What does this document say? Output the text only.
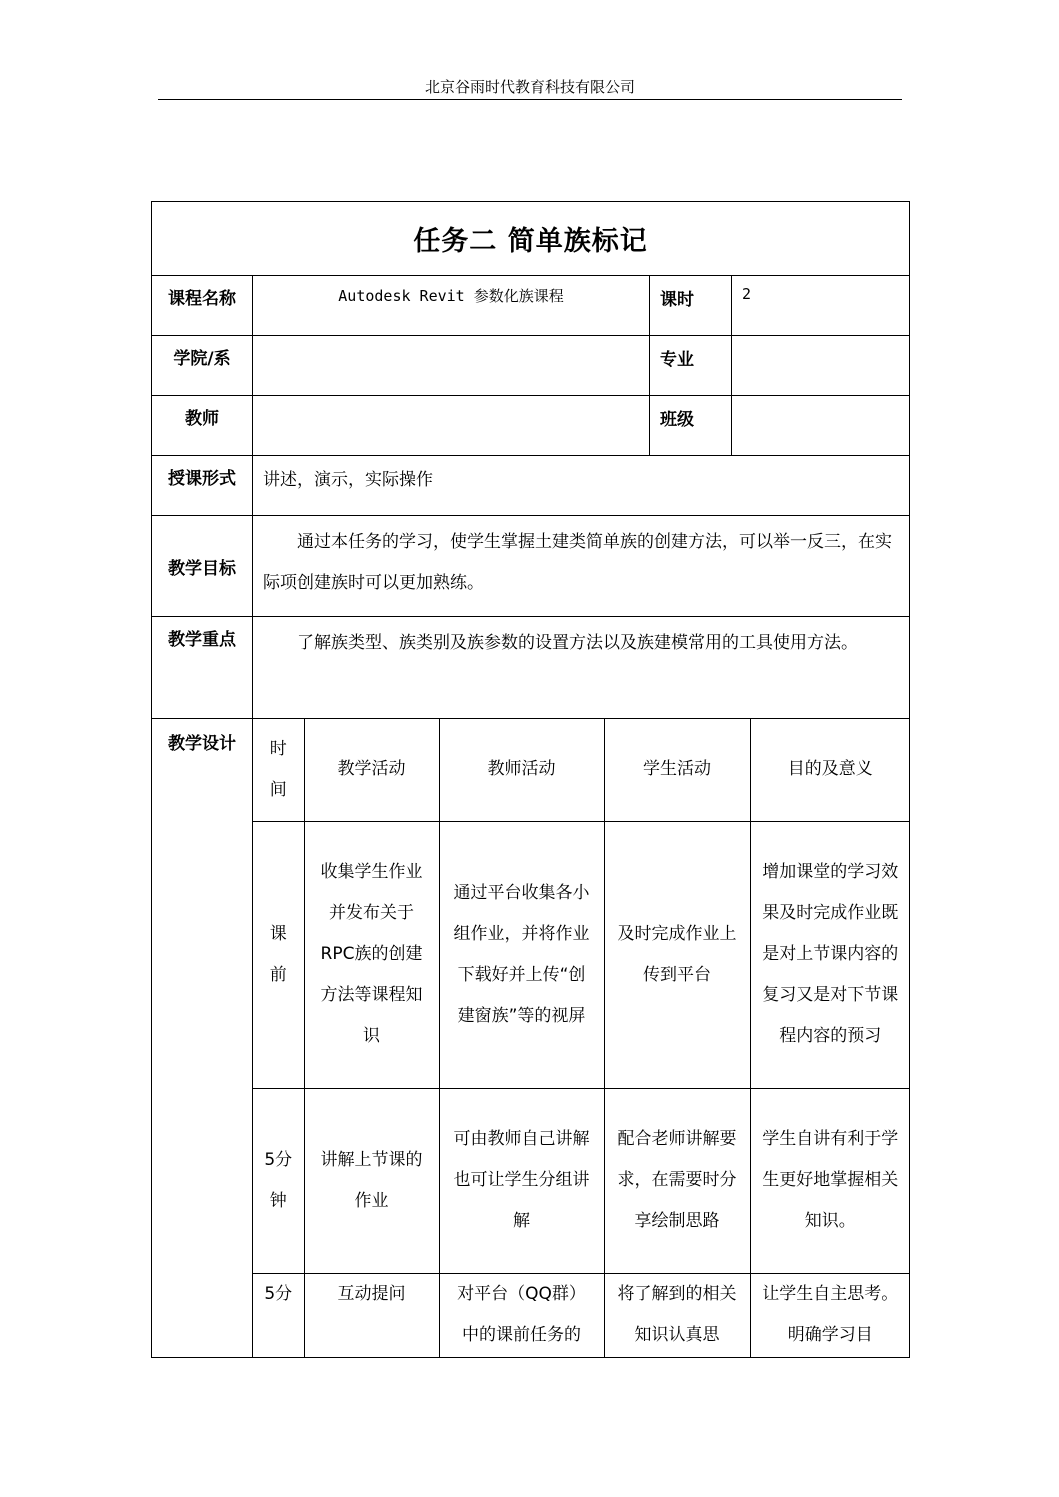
北京谷雨时代教育科技有限公司
任务二 简单族标记
课程名称	Autodesk Revit 参数化族课程	课时	2
学院/系		专业	
教师		班级	
授课形式	讲述，演示，实际操作
教学目标	通过本任务的学习，使学生掌握土建类简单族的创建方法，可以举一反三，在实际项创建族时可以更加熟练。
教学重点	了解族类型、族类别及族参数的设置方法以及族建模常用的工具使用方法。
教学设计	时间	教学活动	教师活动	学生活动	目的及意义
课前	收集学生作业并发布关于RPC族的创建方法等课程知识	通过平台收集各小组作业，并将作业下载好并上传“创建窗族”等的视屏	及时完成作业上传到平台	增加课堂的学习效果及时完成作业既是对上节课内容的复习又是对下节课程内容的预习
5分钟	讲解上节课的作业	可由教师自己讲解也可让学生分组讲解	配合老师讲解要求，在需要时分享绘制思路	学生自讲有利于学生更好地掌握相关知识。
5分	互动提问	对平台（QQ群）中的课前任务的	将了解到的相关知识认真思	让学生自主思考。明确学习目
